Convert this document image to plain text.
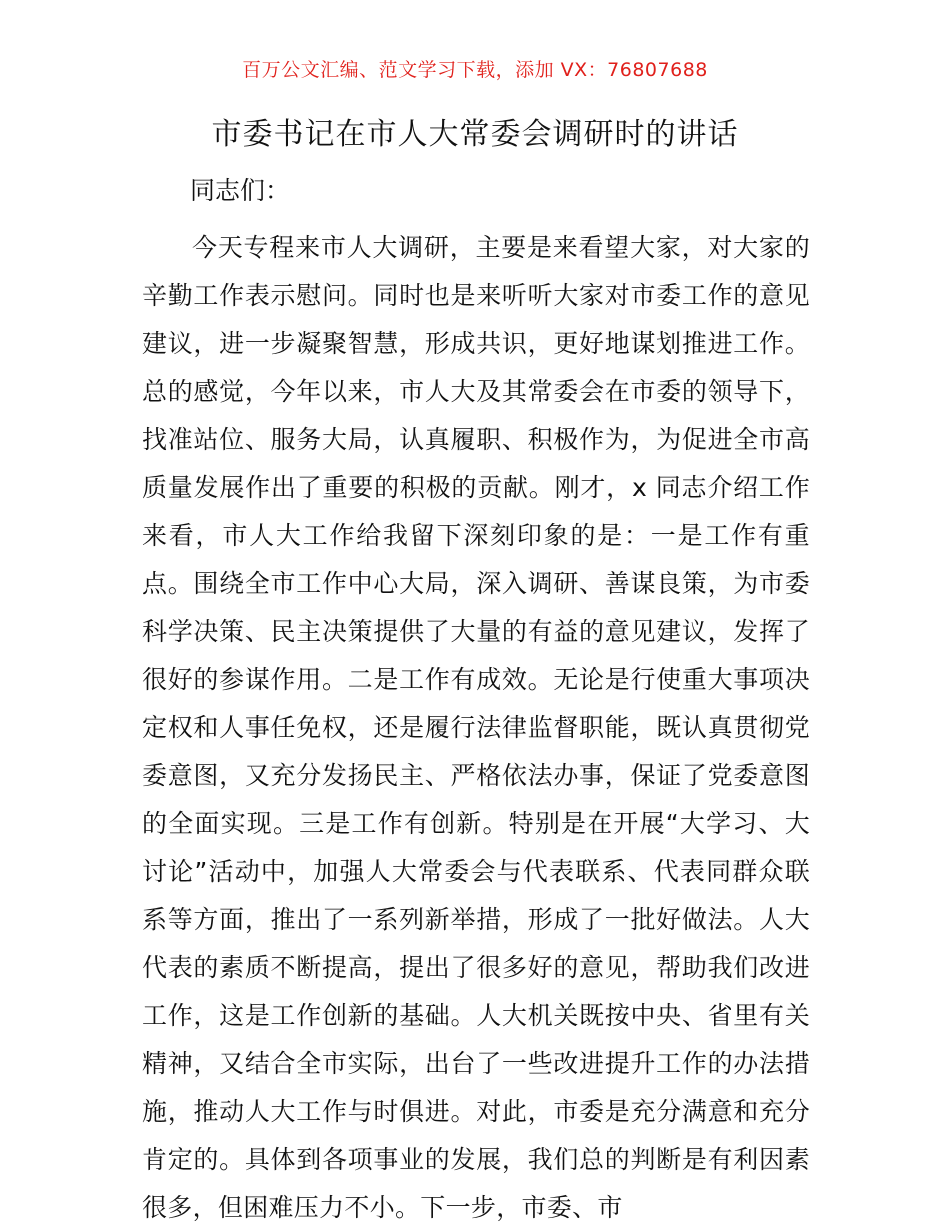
百万公文汇编、范文学习下载，添加 VX：76807688
市委书记在市人大常委会调研时的讲话

同志们：

今天专程来市人大调研，主要是来看望大家，对大家的辛勤工作表示慰问。同时也是来听听大家对市委工作的意见建议，进一步凝聚智慧，形成共识，更好地谋划推进工作。总的感觉，今年以来，市人大及其常委会在市委的领导下，找准站位、服务大局，认真履职、积极作为，为促进全市高质量发展作出了重要的积极的贡献。刚才，x 同志介绍工作来看，市人大工作给我留下深刻印象的是：一是工作有重点。围绕全市工作中心大局，深入调研、善谋良策，为市委科学决策、民主决策提供了大量的有益的意见建议，发挥了很好的参谋作用。二是工作有成效。无论是行使重大事项决定权和人事任免权，还是履行法律监督职能，既认真贯彻党委意图，又充分发扬民主、严格依法办事，保证了党委意图的全面实现。三是工作有创新。特别是在开展“大学习、大讨论”活动中，加强人大常委会与代表联系、代表同群众联系等方面，推出了一系列新举措，形成了一批好做法。人大代表的素质不断提高，提出了很多好的意见，帮助我们改进工作，这是工作创新的基础。人大机关既按中央、省里有关精神，又结合全市实际，出台了一些改进提升工作的办法措施，推动人大工作与时俱进。对此，市委是充分满意和充分肯定的。具体到各项事业的发展，我们总的判断是有利因素很多，但困难压力不小。下一步，市委、市
